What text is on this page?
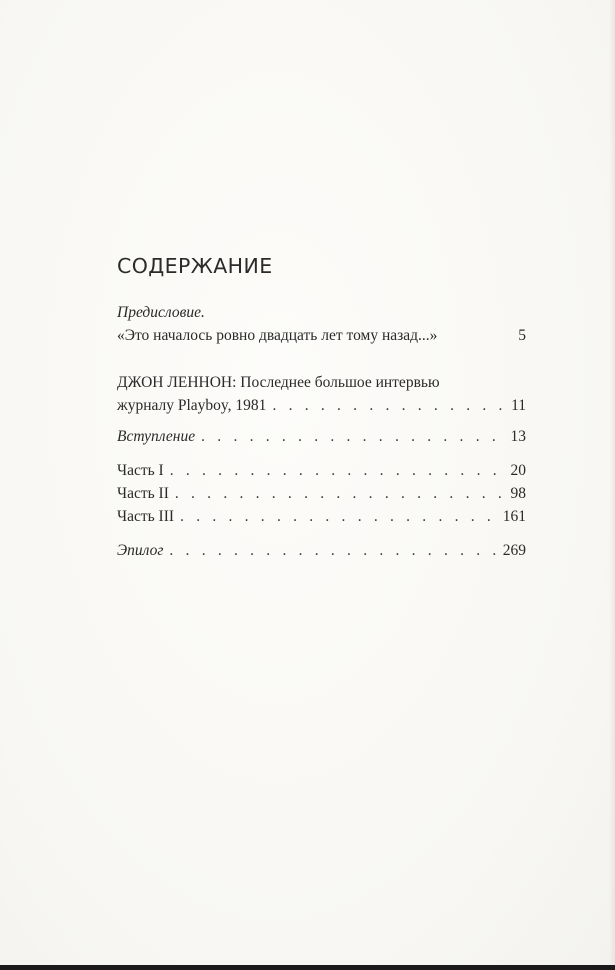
СОДЕРЖАНИЕ
Предисловие.
«Это началось ровно двадцать лет тому назад...»	5
ДЖОН ЛЕННОН: Последнее большое интервью
журналу Playboy, 1981 . . .	11
Вступление . . .	13
Часть I . . .	20
Часть II . . .	98
Часть III . . .	161
Эпилог . . .	269
